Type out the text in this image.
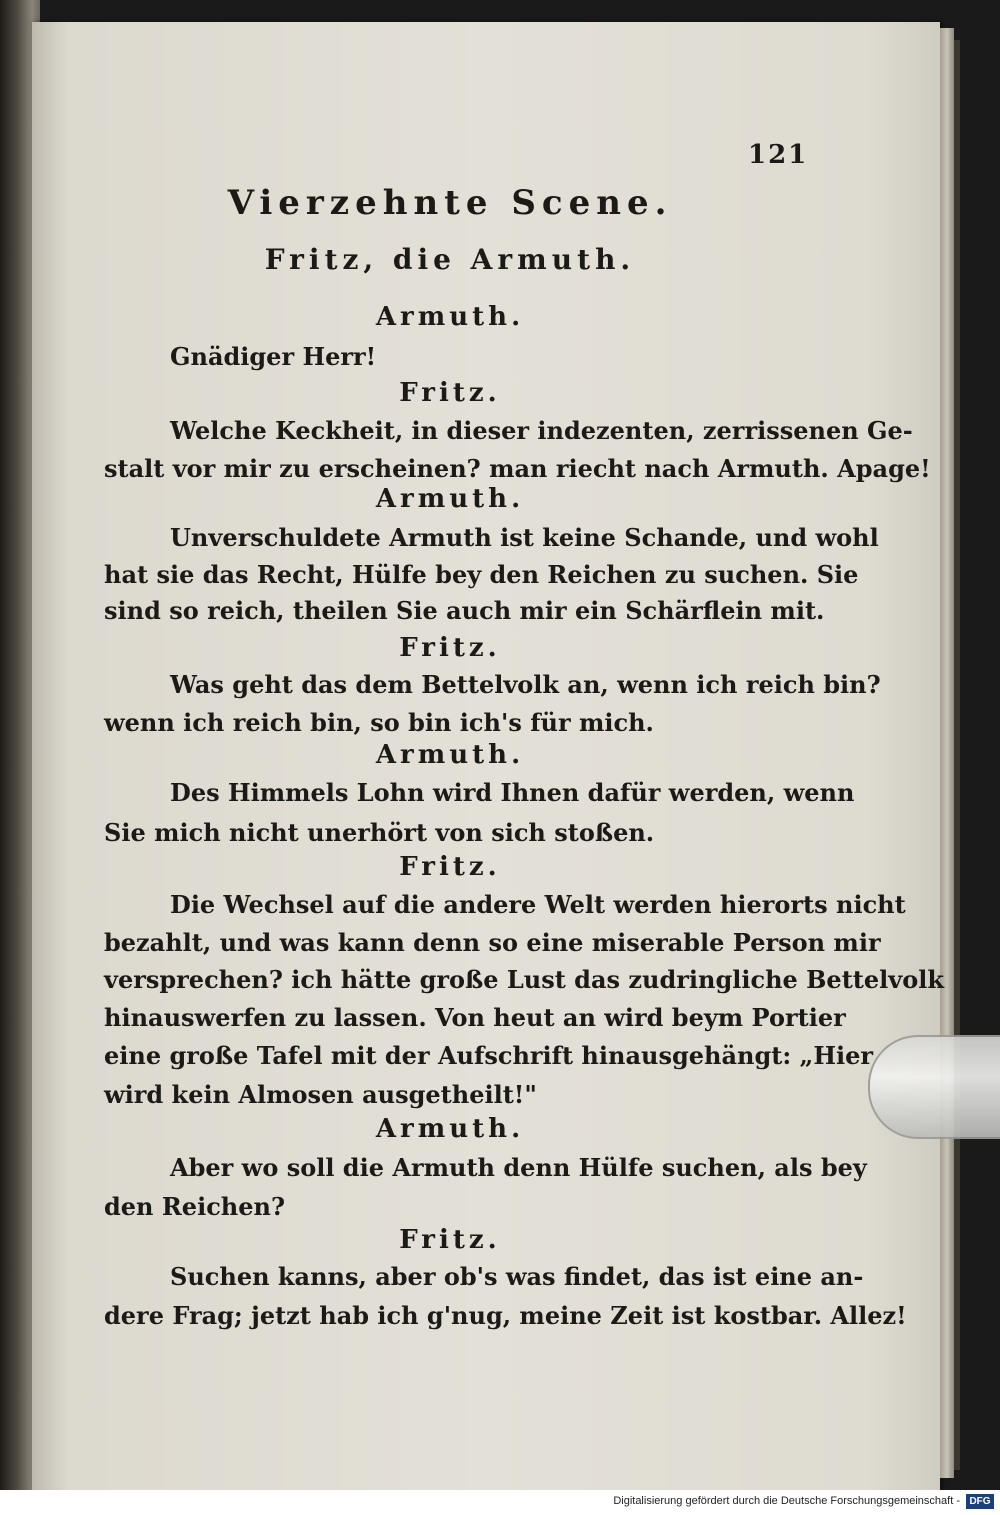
121
Vierzehnte Scene.
Fritz, die Armuth.
Armuth.
Gnädiger Herr!
Fritz.
Welche Keckheit, in dieser indezenten, zerrissenen Ge-
stalt vor mir zu erscheinen? man riecht nach Armuth. Apage!
Armuth.
Unverschuldete Armuth ist keine Schande, und wohl
hat sie das Recht, Hülfe bey den Reichen zu suchen. Sie
sind so reich, theilen Sie auch mir ein Schärflein mit.
Fritz.
Was geht das dem Bettelvolk an, wenn ich reich bin?
wenn ich reich bin, so bin ich's für mich.
Armuth.
Des Himmels Lohn wird Ihnen dafür werden, wenn
Sie mich nicht unerhört von sich stoßen.
Fritz.
Die Wechsel auf die andere Welt werden hierorts nicht
bezahlt, und was kann denn so eine miserable Person mir
versprechen? ich hätte große Lust das zudringliche Bettelvolk
hinauswerfen zu lassen. Von heut an wird beym Portier
eine große Tafel mit der Aufschrift hinausgehängt: „Hier
wird kein Almosen ausgetheilt!"
Armuth.
Aber wo soll die Armuth denn Hülfe suchen, als bey
den Reichen?
Fritz.
Suchen kanns, aber ob's was findet, das ist eine an-
dere Frag; jetzt hab ich g'nug, meine Zeit ist kostbar. Allez!
Digitalisierung gefördert durch die Deutsche Forschungsgemeinschaft - DFG
